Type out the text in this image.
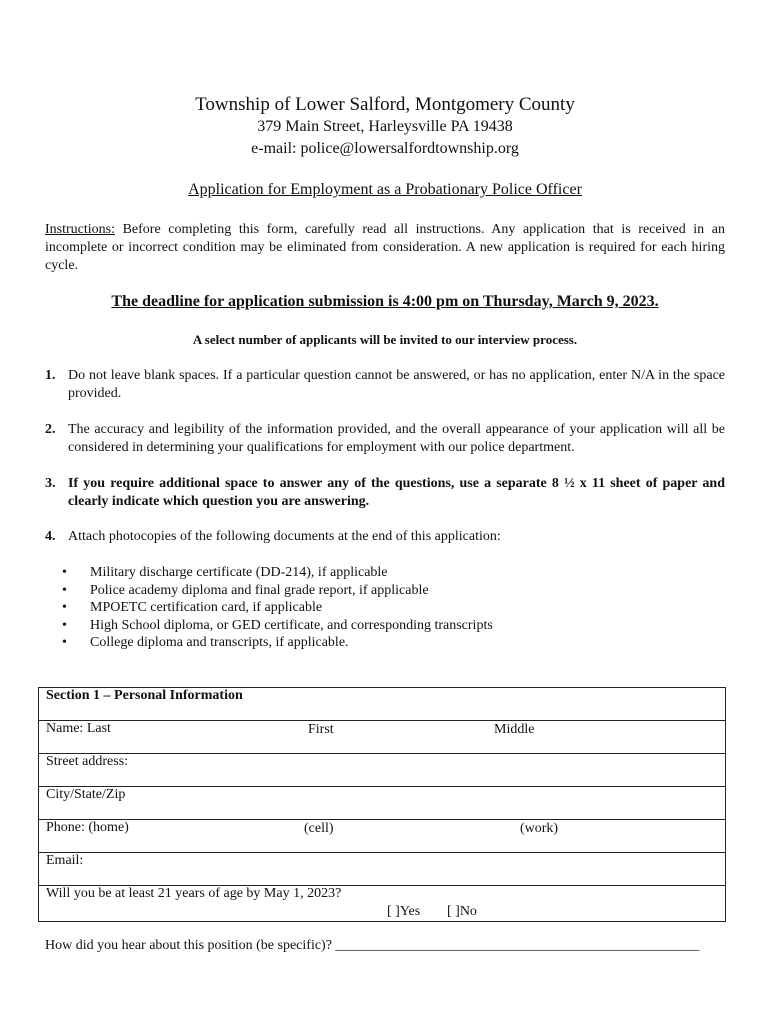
Township of Lower Salford, Montgomery County
379 Main Street, Harleysville PA 19438
e-mail: police@lowersalfordtownship.org
Application for Employment as a Probationary Police Officer
Instructions: Before completing this form, carefully read all instructions. Any application that is received in an incomplete or incorrect condition may be eliminated from consideration. A new application is required for each hiring cycle.
The deadline for application submission is 4:00 pm on Thursday, March 9, 2023.
A select number of applicants will be invited to our interview process.
1. Do not leave blank spaces. If a particular question cannot be answered, or has no application, enter N/A in the space provided.
2. The accuracy and legibility of the information provided, and the overall appearance of your application will all be considered in determining your qualifications for employment with our police department.
3. If you require additional space to answer any of the questions, use a separate 8 ½ x 11 sheet of paper and clearly indicate which question you are answering.
4. Attach photocopies of the following documents at the end of this application:
• Military discharge certificate (DD-214), if applicable
• Police academy diploma and final grade report, if applicable
• MPOETC certification card, if applicable
• High School diploma, or GED certificate, and corresponding transcripts
• College diploma and transcripts, if applicable.
Section 1 – Personal Information
Name: Last	First	Middle

Street address:
City/State/Zip
Phone: (home)	(cell)	(work)

Email:
Will you be at least 21 years of age by May 1, 2023?
[ ]Yes [ ]No
How did you hear about this position (be specific)? ____________________________________________________
